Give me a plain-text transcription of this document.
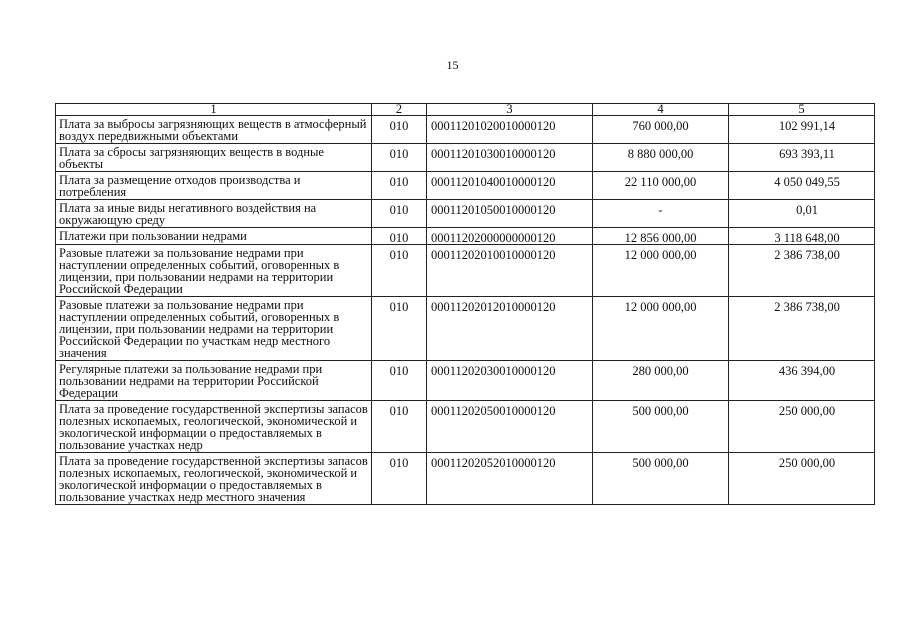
15
1	2	3	4	5
Плата за выбросы загрязняющих веществ в атмосферный воздух передвижными объектами	010	00011201020010000120	760 000,00	102 991,14
Плата за сбросы загрязняющих веществ в водные объекты	010	00011201030010000120	8 880 000,00	693 393,11
Плата за размещение отходов производства и потребления	010	00011201040010000120	22 110 000,00	4 050 049,55
Плата за иные виды негативного воздействия на окружающую среду	010	00011201050010000120	-	0,01
Платежи при пользовании недрами	010	00011202000000000120	12 856 000,00	3 118 648,00
Разовые платежи за пользование недрами при наступлении определенных событий, оговоренных в лицензии, при пользовании недрами на территории Российской Федерации	010	00011202010010000120	12 000 000,00	2 386 738,00
Разовые платежи за пользование недрами при наступлении определенных событий, оговоренных в лицензии, при пользовании недрами на территории Российской Федерации по участкам недр местного значения	010	00011202012010000120	12 000 000,00	2 386 738,00
Регулярные платежи за пользование недрами при пользовании недрами на территории Российской Федерации	010	00011202030010000120	280 000,00	436 394,00
Плата за проведение государственной экспертизы запасов полезных ископаемых, геологической, экономической и экологической информации о предоставляемых в пользование участках недр	010	00011202050010000120	500 000,00	250 000,00
Плата за проведение государственной экспертизы запасов полезных ископаемых, геологической, экономической и экологической информации о предоставляемых в пользование участках недр местного значения	010	00011202052010000120	500 000,00	250 000,00
